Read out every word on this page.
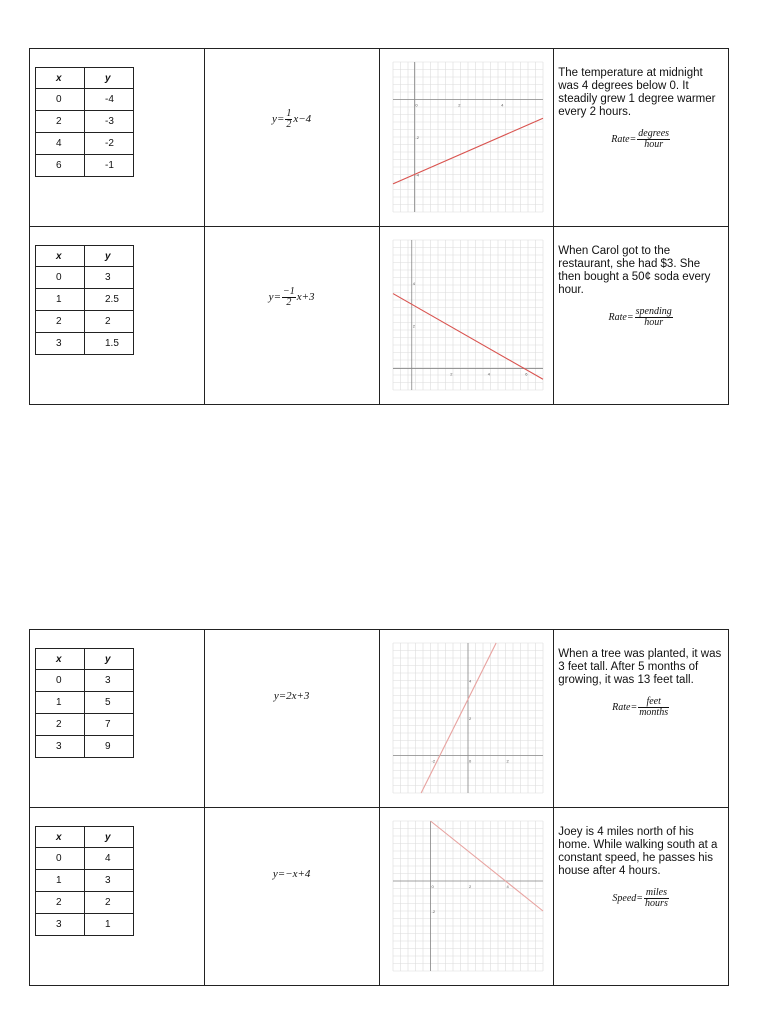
x	y
0	-4
2	-3
4	-2
6	-1

$y= \frac{1}{2} x-4$

0	2	4
-2
-4

The temperature at midnight was 4 degrees below 0. It steadily grew 1 degree warmer every 2 hours.
Rate= $\frac{\text{degrees}}{\text{hour}}$

x	y
0	3
1	2.5
2	2
3	1.5

$y= \frac{-1}{2} x+3$

2	4	6
4
2

When Carol got to the restaurant, she had $3. She then bought a 50¢ soda every hour.
Rate= $\frac{\text{spending}}{\text{hour}}$
x	y
0	3
1	5
2	7
3	9

y=2x+3

-2	0	2
4
2

When a tree was planted, it was 3 feet tall. After 5 months of growing, it was 13 feet tall.
Rate= $\frac{\text{feet}}{\text{months}}$

x	y
0	4
1	3
2	2
3	1

y=−x+4

0	2	4
-2

Joey is 4 miles north of his home. While walking south at a constant speed, he passes his house after 4 hours.
Speed= $\frac{\text{miles}}{\text{hours}}$
